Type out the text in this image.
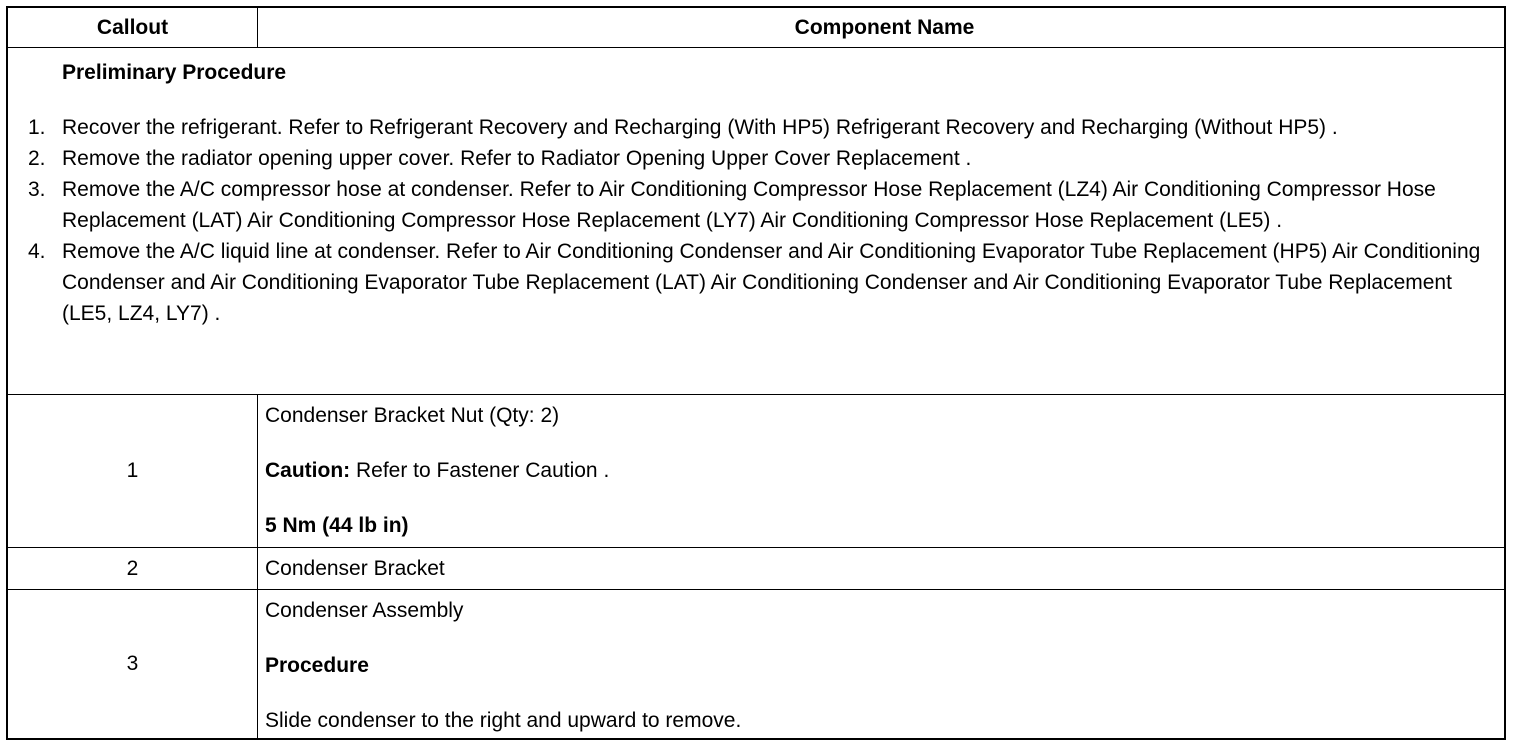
Callout	Component Name
Preliminary Procedure
1. Recover the refrigerant. Refer to Refrigerant Recovery and Recharging (With HP5) Refrigerant Recovery and Recharging (Without HP5) .
2. Remove the radiator opening upper cover. Refer to Radiator Opening Upper Cover Replacement .
3. Remove the A/C compressor hose at condenser. Refer to Air Conditioning Compressor Hose Replacement (LZ4) Air Conditioning Compressor Hose Replacement (LAT) Air Conditioning Compressor Hose Replacement (LY7) Air Conditioning Compressor Hose Replacement (LE5) .
4. Remove the A/C liquid line at condenser. Refer to Air Conditioning Condenser and Air Conditioning Evaporator Tube Replacement (HP5) Air Conditioning Condenser and Air Conditioning Evaporator Tube Replacement (LAT) Air Conditioning Condenser and Air Conditioning Evaporator Tube Replacement (LE5, LZ4, LY7) .
1
Condenser Bracket Nut (Qty: 2)
Caution: Refer to Fastener Caution .
5 Nm (44 lb in)
2	Condenser Bracket
3
Condenser Assembly
Procedure
Slide condenser to the right and upward to remove.
